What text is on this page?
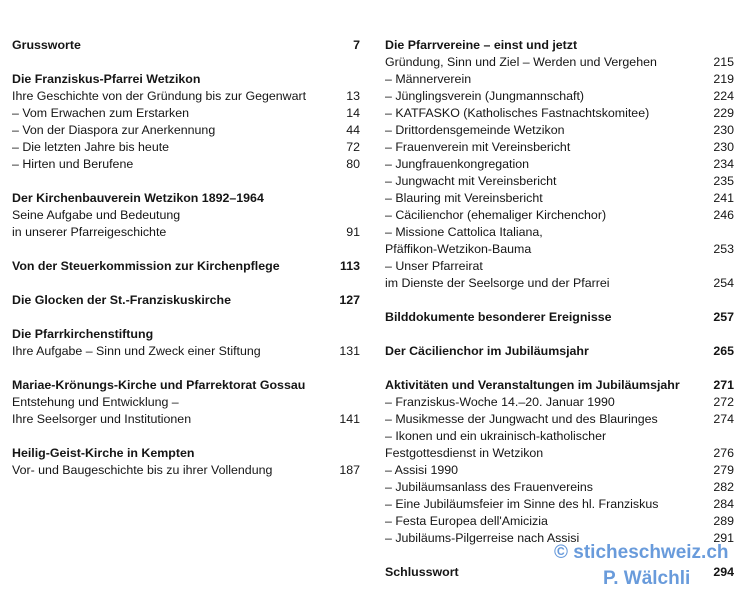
Grussworte	7
Die Franziskus-Pfarrei Wetzikon
Ihre Geschichte von der Gründung bis zur Gegenwart	13
– Vom Erwachen zum Erstarken	14
– Von der Diaspora zur Anerkennung	44
– Die letzten Jahre bis heute	72
– Hirten und Berufene	80
Der Kirchenbauverein Wetzikon 1892–1964
Seine Aufgabe und Bedeutung
in unserer Pfarreigeschichte	91
Von der Steuerkommission zur Kirchenpflege	113
Die Glocken der St.-Franziskuskirche	127
Die Pfarrkirchenstiftung
Ihre Aufgabe – Sinn und Zweck einer Stiftung	131
Mariae-Krönungs-Kirche und Pfarrektorat Gossau
Entstehung und Entwicklung –
Ihre Seelsorger und Institutionen	141
Heilig-Geist-Kirche in Kempten
Vor- und Baugeschichte bis zu ihrer Vollendung	187
Die Pfarrvereine – einst und jetzt
Gründung, Sinn und Ziel – Werden und Vergehen	215
– Männerverein	219
– Jünglingsverein (Jungmannschaft)	224
– KATFASKO (Katholisches Fastnachtskomitee)	229
– Drittordensgemeinde Wetzikon	230
– Frauenverein mit Vereinsbericht	230
– Jungfrauenkongregation	234
– Jungwacht mit Vereinsbericht	235
– Blauring mit Vereinsbericht	241
– Cäcilienchor (ehemaliger Kirchenchor)	246
– Missione Cattolica Italiana,
Pfäffikon-Wetzikon-Bauma	253
– Unser Pfarreirat
im Dienste der Seelsorge und der Pfarrei	254
Bilddokumente besonderer Ereignisse	257
Der Cäcilienchor im Jubiläumsjahr	265
Aktivitäten und Veranstaltungen im Jubiläumsjahr	271
– Franziskus-Woche 14.–20. Januar 1990	272
– Musikmesse der Jungwacht und des Blauringes	274
– Ikonen und ein ukrainisch-katholischer
Festgottesdienst in Wetzikon	276
– Assisi 1990	279
– Jubiläumsanlass des Frauenvereins	282
– Eine Jubiläumsfeier im Sinne des hl. Franziskus	284
– Festa Europea dell'Amicizia	289
– Jubiläums-Pilgerreise nach Assisi	291
Schlusswort	294
© sticheschweiz.ch
P. Wälchli
